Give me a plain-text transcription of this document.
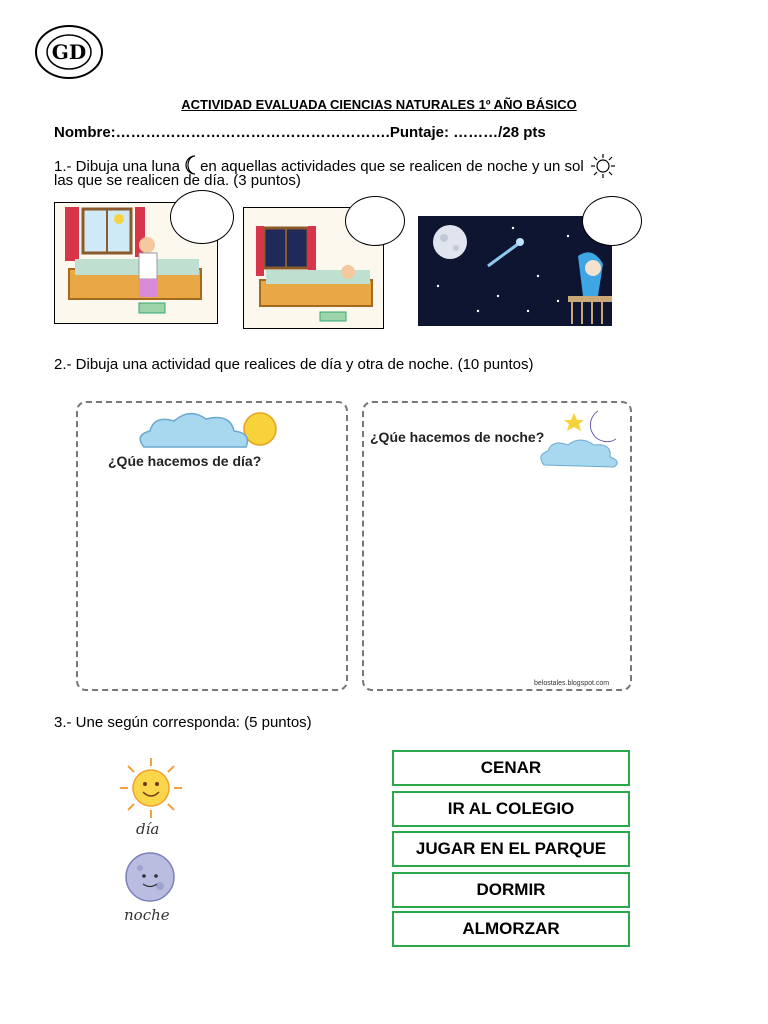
GD
ACTIVIDAD EVALUADA CIENCIAS NATURALES 1º AÑO BÁSICO
Nombre:……………………………………………….Puntaje: ………/28 pts
1.- Dibuja una luna en aquellas actividades que se realicen de noche y un sol
las que se realicen de día. (3 puntos)
2.- Dibuja una actividad que realices de día y otra de noche. (10 puntos)
¿Qúe hacemos de día?
¿Qúe hacemos de noche?
belostales.blogspot.com
3.- Une según corresponda: (5 puntos)
día
noche
CENAR
IR AL COLEGIO
JUGAR EN EL PARQUE
DORMIR
ALMORZAR
